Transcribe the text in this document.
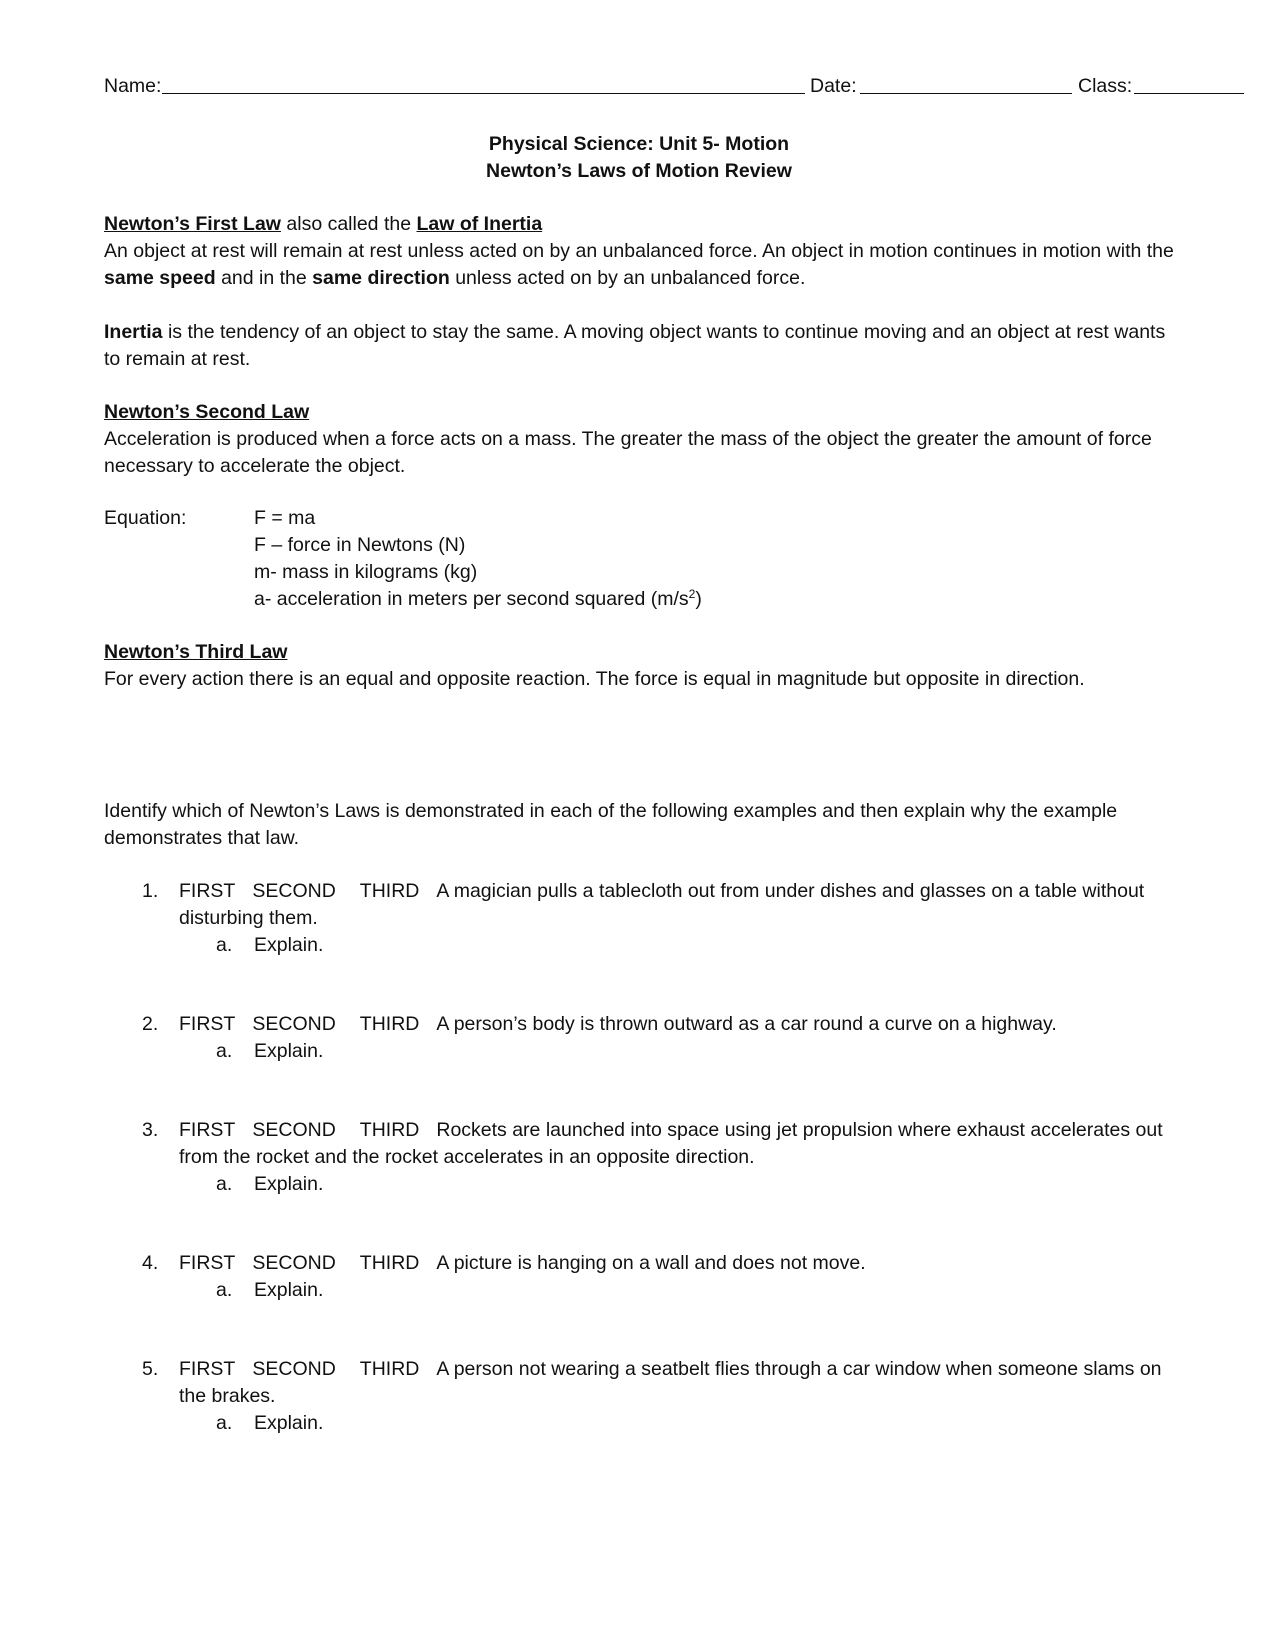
Name:	Date:	Class:
Physical Science: Unit 5- Motion
Newton’s Laws of Motion Review
Newton’s First Law also called the Law of Inertia
An object at rest will remain at rest unless acted on by an unbalanced force. An object in motion continues in motion with the same speed and in the same direction unless acted on by an unbalanced force.
Inertia is the tendency of an object to stay the same. A moving object wants to continue moving and an object at rest wants to remain at rest.
Newton’s Second Law
Acceleration is produced when a force acts on a mass. The greater the mass of the object the greater the amount of force necessary to accelerate the object.
Equation:	F = ma
F – force in Newtons (N)
m- mass in kilograms (kg)
a- acceleration in meters per second squared $(m/s^2)$
Newton’s Third Law
For every action there is an equal and opposite reaction. The force is equal in magnitude but opposite in direction.
Identify which of Newton’s Laws is demonstrated in each of the following examples and then explain why the example demonstrates that law.
1. FIRST SECOND THIRD A magician pulls a tablecloth out from under dishes and glasses on a table without disturbing them.
a. Explain.
2. FIRST SECOND THIRD A person’s body is thrown outward as a car round a curve on a highway.
a. Explain.
3. FIRST SECOND THIRD Rockets are launched into space using jet propulsion where exhaust accelerates out from the rocket and the rocket accelerates in an opposite direction.
a. Explain.
4. FIRST SECOND THIRD A picture is hanging on a wall and does not move.
a. Explain.
5. FIRST SECOND THIRD A person not wearing a seatbelt flies through a car window when someone slams on the brakes.
a. Explain.
